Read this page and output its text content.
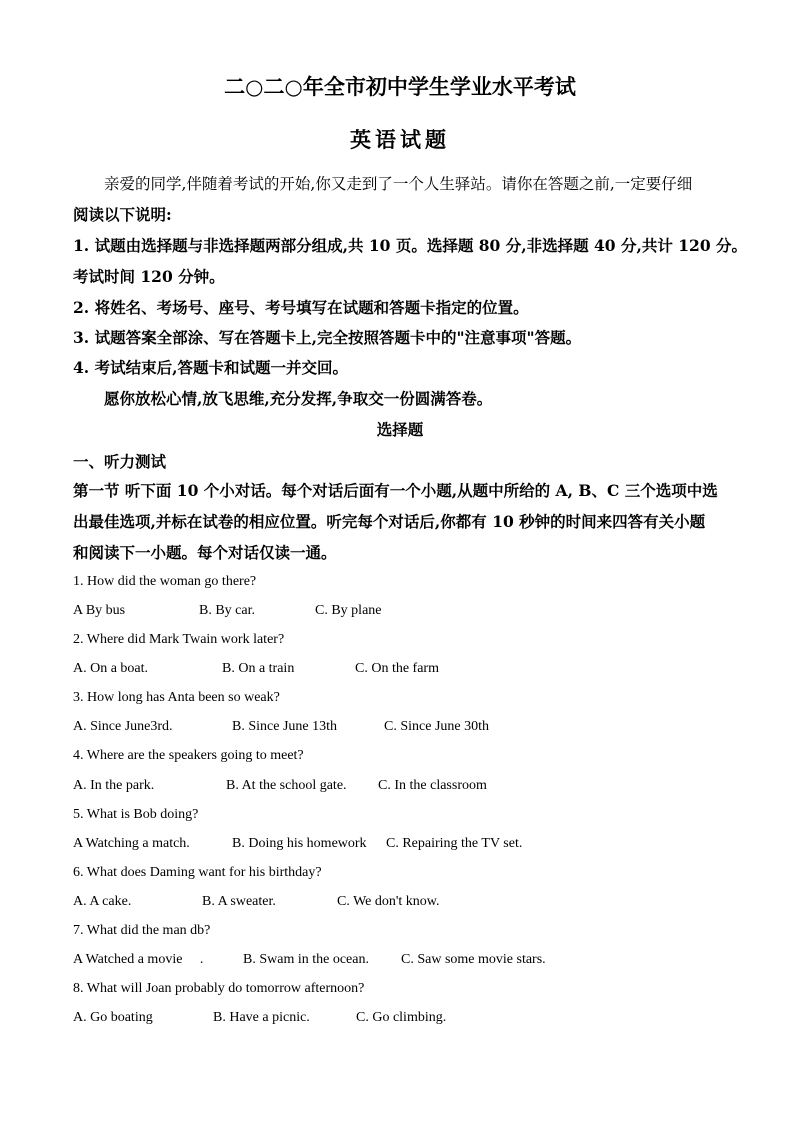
二○二○年全市初中学生学业水平考试
英语试题
亲爱的同学,伴随着考试的开始,你又走到了一个人生驿站。请你在答题之前,一定要仔细
阅读以下说明:
1. 试题由选择题与非选择题两部分组成,共 10 页。选择题 80 分,非选择题 40 分,共计 120 分。
考试时间 120 分钟。
2. 将姓名、考场号、座号、考号填写在试题和答题卡指定的位置。
3. 试题答案全部涂、写在答题卡上,完全按照答题卡中的"注意事项"答题。
4. 考试结束后,答题卡和试题一并交回。
愿你放松心情,放飞思维,充分发挥,争取交一份圆满答卷。
选择题
一、听力测试
第一节 听下面 10 个小对话。每个对话后面有一个小题,从题中所给的 A, B、C 三个选项中选
出最佳选项,并标在试卷的相应位置。听完每个对话后,你都有 10 秒钟的时间来四答有关小题
和阅读下一小题。每个对话仅读一通。
1. How did the woman go there?
A By bus	B. By car.	C. By plane
2. Where did Mark Twain work later?
A. On a boat.	B. On a train	C. On the farm
3. How long has Anta been so weak?
A. Since June3rd.	B. Since June 13th	C. Since June 30th
4. Where are the speakers going to meet?
A. In the park.	B. At the school gate. C. In the classroom
5. What is Bob doing?
A Watching a match.	B. Doing his homework C. Repairing the TV set.
6. What does Daming want for his birthday?
A. A cake.	B. A sweater.	C. We don't know.
7. What did the man db?
A Watched a movie     .	B. Swam in the ocean. C. Saw some movie stars.
8. What will Joan probably do tomorrow afternoon?
A. Go boating	B. Have a picnic.	C. Go climbing.
